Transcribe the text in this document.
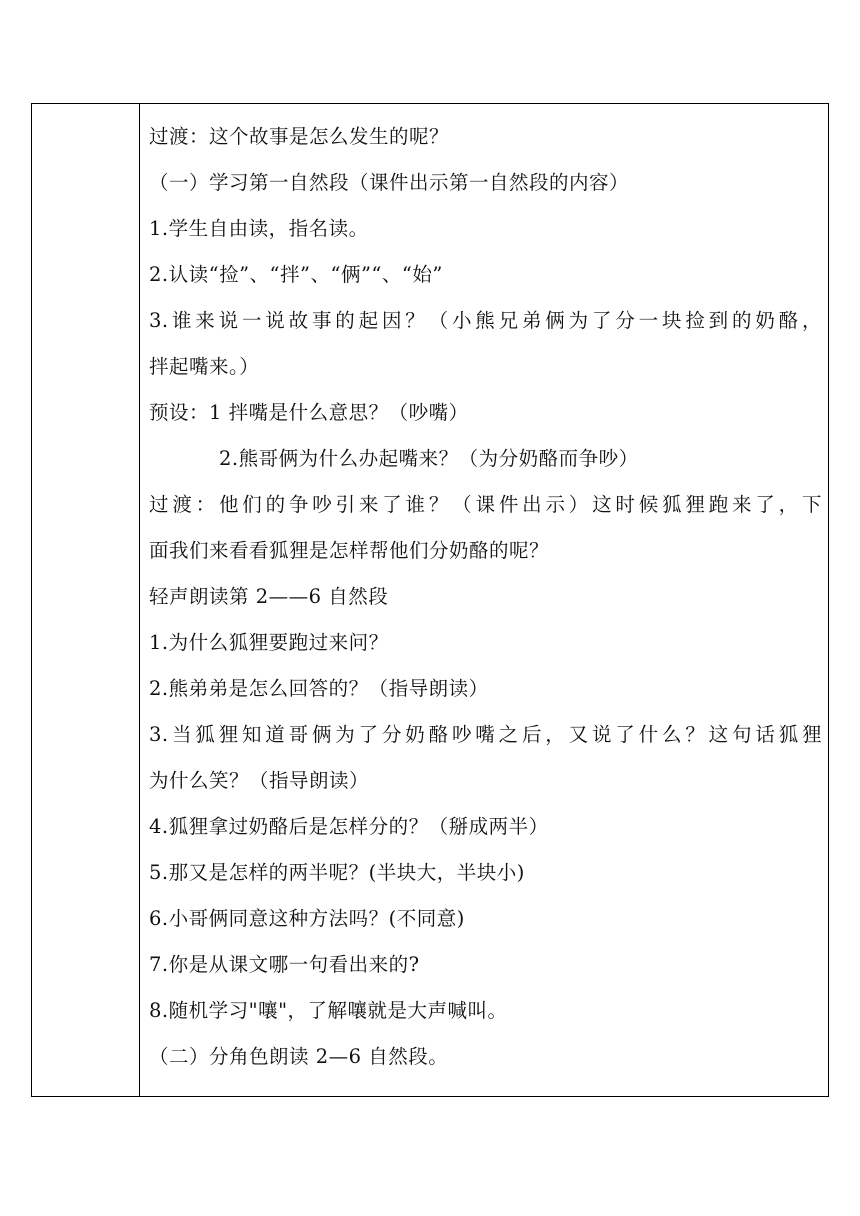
过渡：这个故事是怎么发生的呢？
（一）学习第一自然段（课件出示第一自然段的内容）
1.学生自由读，指名读。
2.认读“捡”、“拌”、“俩”“、“始”
3.谁来说一说故事的起因？（小熊兄弟俩为了分一块捡到的奶酪，
拌起嘴来。）
预设：1 拌嘴是什么意思？（吵嘴）
2.熊哥俩为什么办起嘴来？（为分奶酪而争吵）
过渡：他们的争吵引来了谁？（课件出示）这时候狐狸跑来了，下
面我们来看看狐狸是怎样帮他们分奶酪的呢？
轻声朗读第 2——6 自然段
1.为什么狐狸要跑过来问？
2.熊弟弟是怎么回答的？（指导朗读）
3.当狐狸知道哥俩为了分奶酪吵嘴之后，又说了什么？这句话狐狸
为什么笑？（指导朗读）
4.狐狸拿过奶酪后是怎样分的？（掰成两半）
5.那又是怎样的两半呢？(半块大，半块小)
6.小哥俩同意这种方法吗？(不同意)
7.你是从课文哪一句看出来的?
8.随机学习"嚷"，了解嚷就是大声喊叫。
（二）分角色朗读 2—6 自然段。
